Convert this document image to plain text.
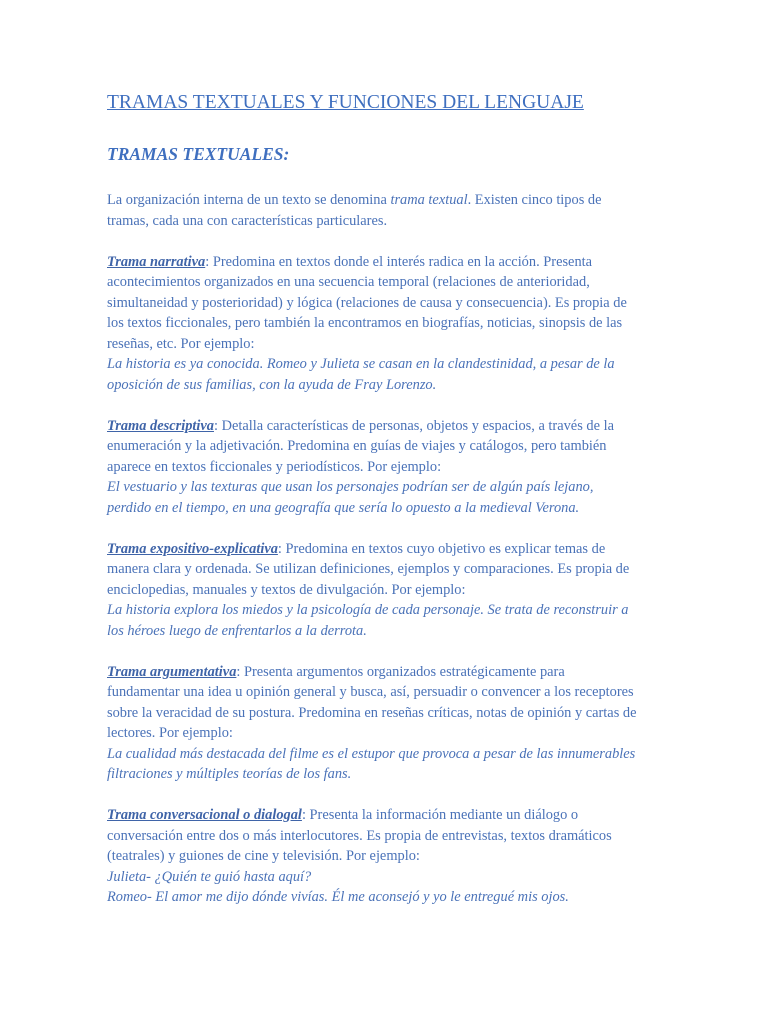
TRAMAS TEXTUALES Y FUNCIONES DEL LENGUAJE
TRAMAS TEXTUALES:

La organización interna de un texto se denomina trama textual. Existen cinco tipos de
tramas, cada una con características particulares.

Trama narrativa: Predomina en textos donde el interés radica en la acción. Presenta
acontecimientos organizados en una secuencia temporal (relaciones de anterioridad,
simultaneidad y posterioridad) y lógica (relaciones de causa y consecuencia). Es propia de
los textos ficcionales, pero también la encontramos en biografías, noticias, sinopsis de las
reseñas, etc. Por ejemplo:
La historia es ya conocida. Romeo y Julieta se casan en la clandestinidad, a pesar de la
oposición de sus familias, con la ayuda de Fray Lorenzo.

Trama descriptiva: Detalla características de personas, objetos y espacios, a través de la
enumeración y la adjetivación. Predomina en guías de viajes y catálogos, pero también
aparece en textos ficcionales y periodísticos. Por ejemplo:
El vestuario y las texturas que usan los personajes podrían ser de algún país lejano,
perdido en el tiempo, en una geografía que sería lo opuesto a la medieval Verona.

Trama expositivo-explicativa: Predomina en textos cuyo objetivo es explicar temas de
manera clara y ordenada. Se utilizan definiciones, ejemplos y comparaciones. Es propia de
enciclopedias, manuales y textos de divulgación. Por ejemplo:
La historia explora los miedos y la psicología de cada personaje. Se trata de reconstruir a
los héroes luego de enfrentarlos a la derrota.

Trama argumentativa: Presenta argumentos organizados estratégicamente para
fundamentar una idea u opinión general y busca, así, persuadir o convencer a los receptores
sobre la veracidad de su postura. Predomina en reseñas críticas, notas de opinión y cartas de
lectores. Por ejemplo:
La cualidad más destacada del filme es el estupor que provoca a pesar de las innumerables
filtraciones y múltiples teorías de los fans.

Trama conversacional o dialogal: Presenta la información mediante un diálogo o
conversación entre dos o más interlocutores. Es propia de entrevistas, textos dramáticos
(teatrales) y guiones de cine y televisión. Por ejemplo:
Julieta- ¿Quién te guió hasta aquí?
Romeo- El amor me dijo dónde vivías. Él me aconsejó y yo le entregué mis ojos.
